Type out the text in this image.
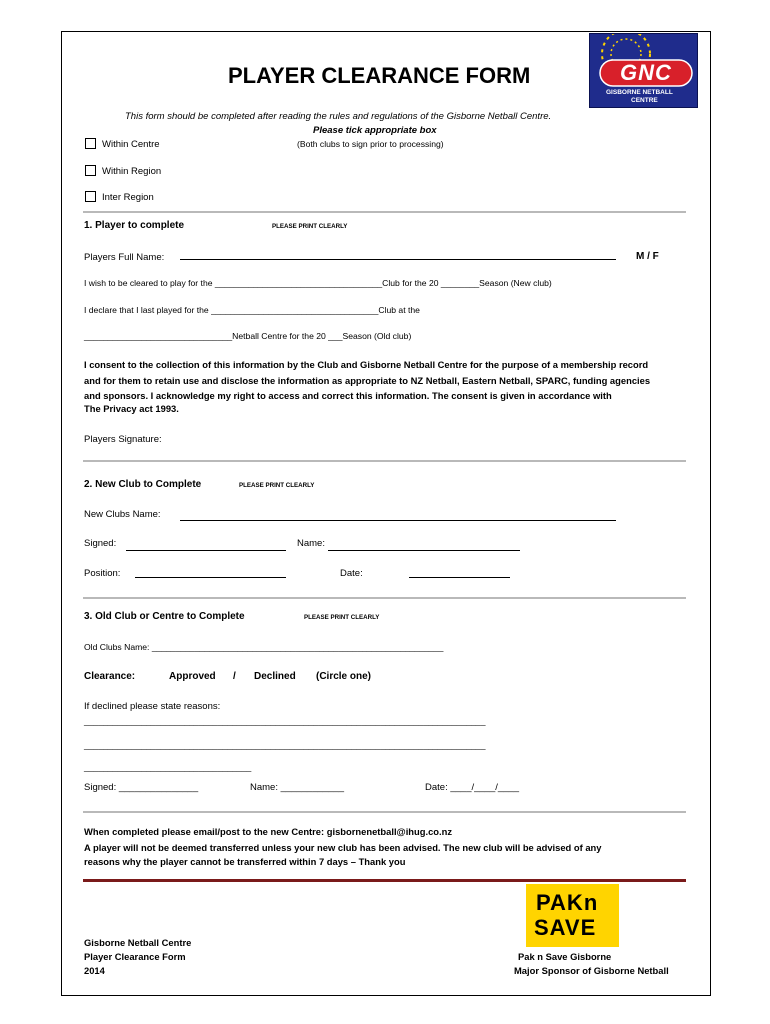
GNC
GISBORNE NETBALL
CENTRE
PLAYER CLEARANCE FORM
This form should be completed after reading the rules and regulations of the Gisborne Netball Centre.
Please tick appropriate box
(Both clubs to sign prior to processing)
Within Centre
Within Region
Inter Region
1. Player to complete	PLEASE PRINT CLEARLY
Players Full Name:	M / F
I wish to be cleared to play for the ___________________________________Club for the 20 ________Season (New club)
I declare that I last played for the ___________________________________Club at the
_______________________________Netball Centre for the 20 ___Season (Old club)
I consent to the collection of this information by the Club and Gisborne Netball Centre for the purpose of a membership record
and for them to retain use and disclose the information as appropriate to NZ Netball, Eastern Netball, SPARC, funding agencies
and sponsors. I acknowledge my right to access and correct this information. The consent is given in accordance with
The Privacy act 1993.
Players Signature:
2. New Club to Complete	PLEASE PRINT CLEARLY
New Clubs Name:
Signed:	Name:
Position:	Date:
3. Old Club or Centre to Complete	PLEASE PRINT CLEARLY
Old Clubs Name: _____________________________________________________________
Clearance:	Approved / Declined (Circle one)
If declined please state reasons:
____________________________________________________________________________________
____________________________________________________________________________________
___________________________________
Signed: _______________	Name: ____________	Date: ____/____/____
When completed please email/post to the new Centre: gisbornenetball@ihug.co.nz
A player will not be deemed transferred unless your new club has been advised. The new club will be advised of any
reasons why the player cannot be transferred within 7 days – Thank you
PAKn
SAVE
Gisborne Netball Centre
Player Clearance Form
2014
Pak n Save Gisborne
Major Sponsor of Gisborne Netball
